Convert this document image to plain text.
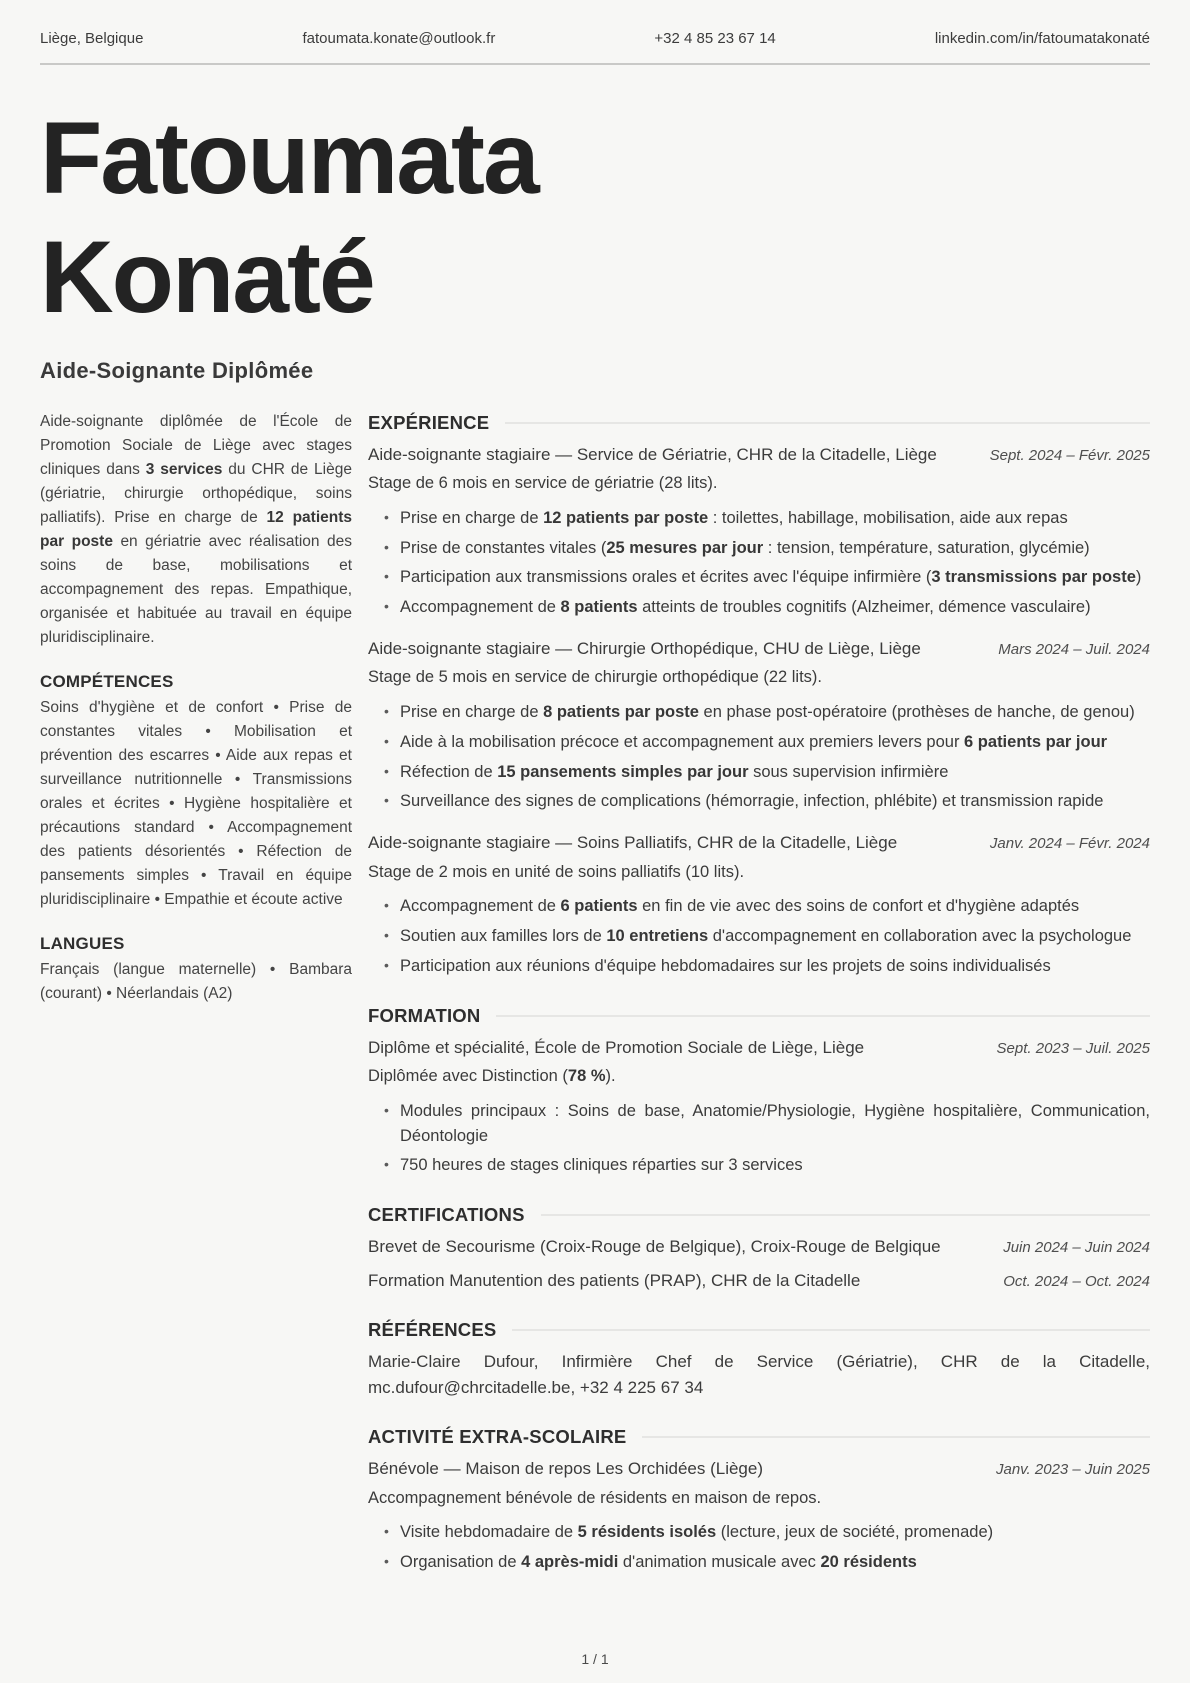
Liège, Belgique	fatoumata.konate@outlook.fr	+32 4 85 23 67 14	linkedin.com/in/fatoumatakonaté
Fatoumata Konaté
Aide-Soignante Diplômée

Aide-soignante diplômée de l'École de Promotion Sociale de Liège avec stages cliniques dans 3 services du CHR de Liège (gériatrie, chirurgie orthopédique, soins palliatifs). Prise en charge de 12 patients par poste en gériatrie avec réalisation des soins de base, mobilisations et accompagnement des repas. Empathique, organisée et habituée au travail en équipe pluridisciplinaire.

COMPÉTENCES

Soins d'hygiène et de confort • Prise de constantes vitales • Mobilisation et prévention des escarres • Aide aux repas et surveillance nutritionnelle • Transmissions orales et écrites • Hygiène hospitalière et précautions standard • Accompagnement des patients désorientés • Réfection de pansements simples • Travail en équipe pluridisciplinaire • Empathie et écoute active

LANGUES

Français (langue maternelle) • Bambara (courant) • Néerlandais (A2)

EXPÉRIENCE
Aide-soignante stagiaire — Service de Gériatrie, CHR de la Citadelle, Liège	Sept. 2024 – Févr. 2025

Stage de 6 mois en service de gériatrie (28 lits).

• Prise en charge de 12 patients par poste : toilettes, habillage, mobilisation, aide aux repas
• Prise de constantes vitales (25 mesures par jour : tension, température, saturation, glycémie)
• Participation aux transmissions orales et écrites avec l'équipe infirmière (3 transmissions par poste)
• Accompagnement de 8 patients atteints de troubles cognitifs (Alzheimer, démence vasculaire)
Aide-soignante stagiaire — Chirurgie Orthopédique, CHU de Liège, Liège	Mars 2024 – Juil. 2024

Stage de 5 mois en service de chirurgie orthopédique (22 lits).

• Prise en charge de 8 patients par poste en phase post-opératoire (prothèses de hanche, de genou)
• Aide à la mobilisation précoce et accompagnement aux premiers levers pour 6 patients par jour
• Réfection de 15 pansements simples par jour sous supervision infirmière
• Surveillance des signes de complications (hémorragie, infection, phlébite) et transmission rapide
Aide-soignante stagiaire — Soins Palliatifs, CHR de la Citadelle, Liège	Janv. 2024 – Févr. 2024

Stage de 2 mois en unité de soins palliatifs (10 lits).

• Accompagnement de 6 patients en fin de vie avec des soins de confort et d'hygiène adaptés
• Soutien aux familles lors de 10 entretiens d'accompagnement en collaboration avec la psychologue
• Participation aux réunions d'équipe hebdomadaires sur les projets de soins individualisés
FORMATION
Diplôme et spécialité, École de Promotion Sociale de Liège, Liège	Sept. 2023 – Juil. 2025

Diplômée avec Distinction (78 %).

• Modules principaux : Soins de base, Anatomie/Physiologie, Hygiène hospitalière, Communication, Déontologie
• 750 heures de stages cliniques réparties sur 3 services
CERTIFICATIONS
Brevet de Secourisme (Croix-Rouge de Belgique), Croix-Rouge de Belgique	Juin 2024 – Juin 2024
Formation Manutention des patients (PRAP), CHR de la Citadelle	Oct. 2024 – Oct. 2024
RÉFÉRENCES
Marie-Claire Dufour, Infirmière Chef de Service (Gériatrie), CHR de la Citadelle, mc.dufour@chrcitadelle.be, +32 4 225 67 34
ACTIVITÉ EXTRA-SCOLAIRE
Bénévole — Maison de repos Les Orchidées (Liège)	Janv. 2023 – Juin 2025

Accompagnement bénévole de résidents en maison de repos.

• Visite hebdomadaire de 5 résidents isolés (lecture, jeux de société, promenade)
• Organisation de 4 après-midi d'animation musicale avec 20 résidents
1 / 1
